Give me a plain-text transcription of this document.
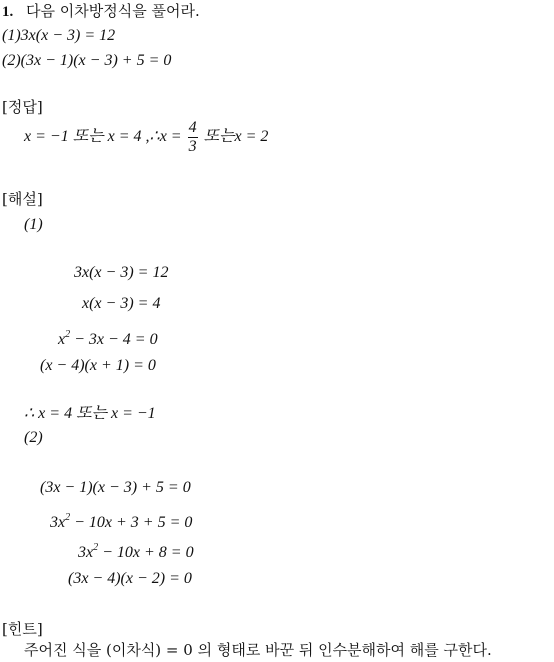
1. 다음 이차방정식을 풀어라.
(1)3x(x − 3) = 12
(2)(3x − 1)(x − 3) + 5 = 0
[정답]
x = −1 또는 x = 4 ,∴x = $\frac{4}{3}$ 또는x = 2
[해설]
(1)
3x(x − 3) = 12
x(x − 3) = 4
$x^2 - 3x - 4 = 0$
(x − 4)(x + 1) = 0
∴ x = 4 또는 x = −1
(2)
(3x − 1)(x − 3) + 5 = 0
$3x^2 - 10x + 3 + 5 = 0$
$3x^2 - 10x + 8 = 0$
(3x − 4)(x − 2) = 0
[힌트]
주어진 식을 (이차식) = 0 의 형태로 바꾼 뒤 인수분해하여 해를 구한다.
